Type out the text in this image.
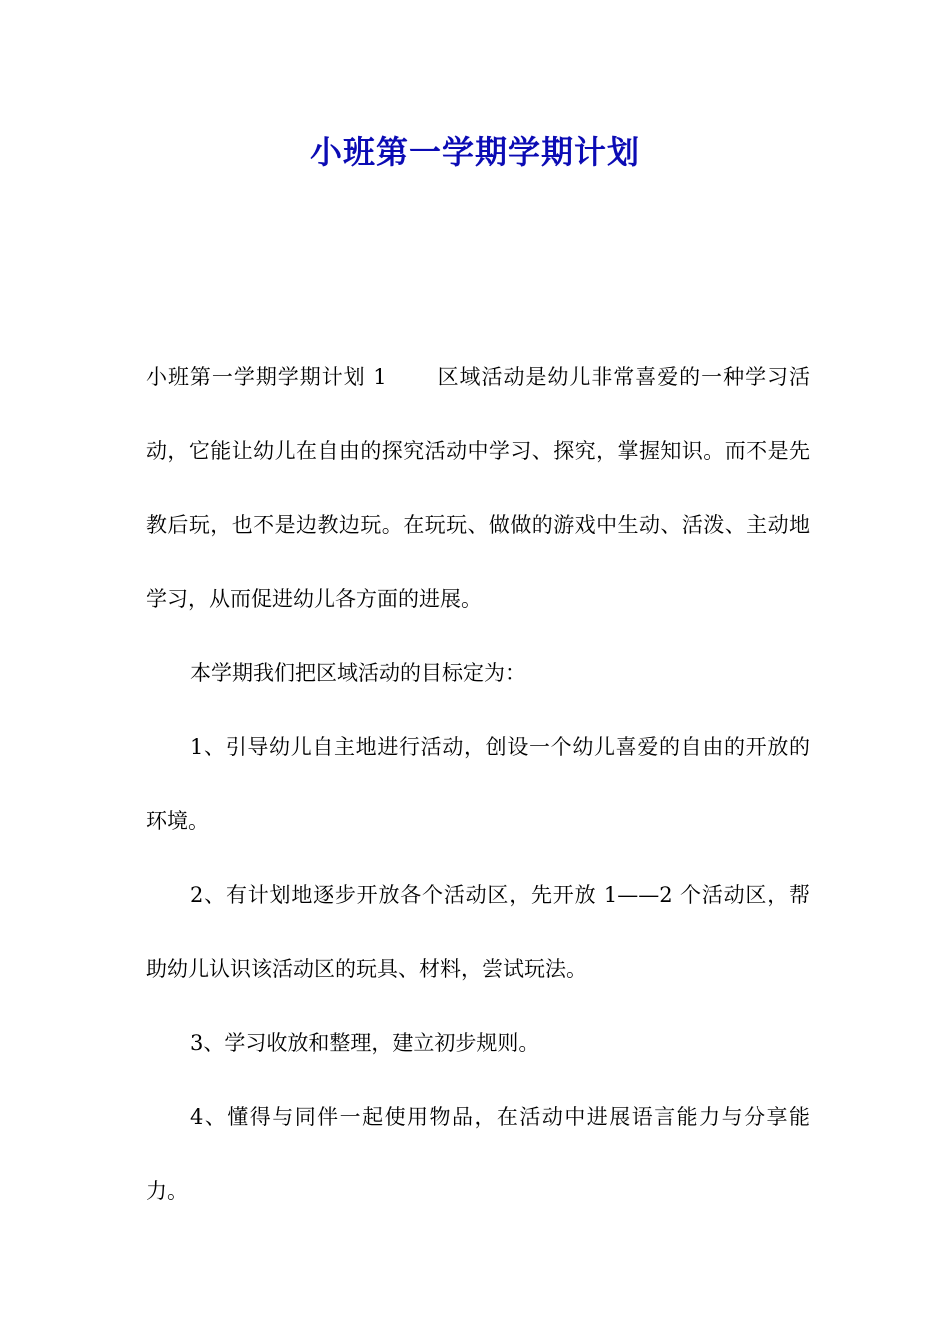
小班第一学期学期计划

小班第一学期学期计划 1 区域活动是幼儿非常喜爱的一种学习活动，它能让幼儿在自由的探究活动中学习、探究，掌握知识。而不是先教后玩，也不是边教边玩。在玩玩、做做的游戏中生动、活泼、主动地学习，从而促进幼儿各方面的进展。

本学期我们把区域活动的目标定为：

1、引导幼儿自主地进行活动，创设一个幼儿喜爱的自由的开放的环境。

2、有计划地逐步开放各个活动区，先开放 1——2 个活动区，帮助幼儿认识该活动区的玩具、材料，尝试玩法。

3、学习收放和整理，建立初步规则。

4、懂得与同伴一起使用物品，在活动中进展语言能力与分享能力。
